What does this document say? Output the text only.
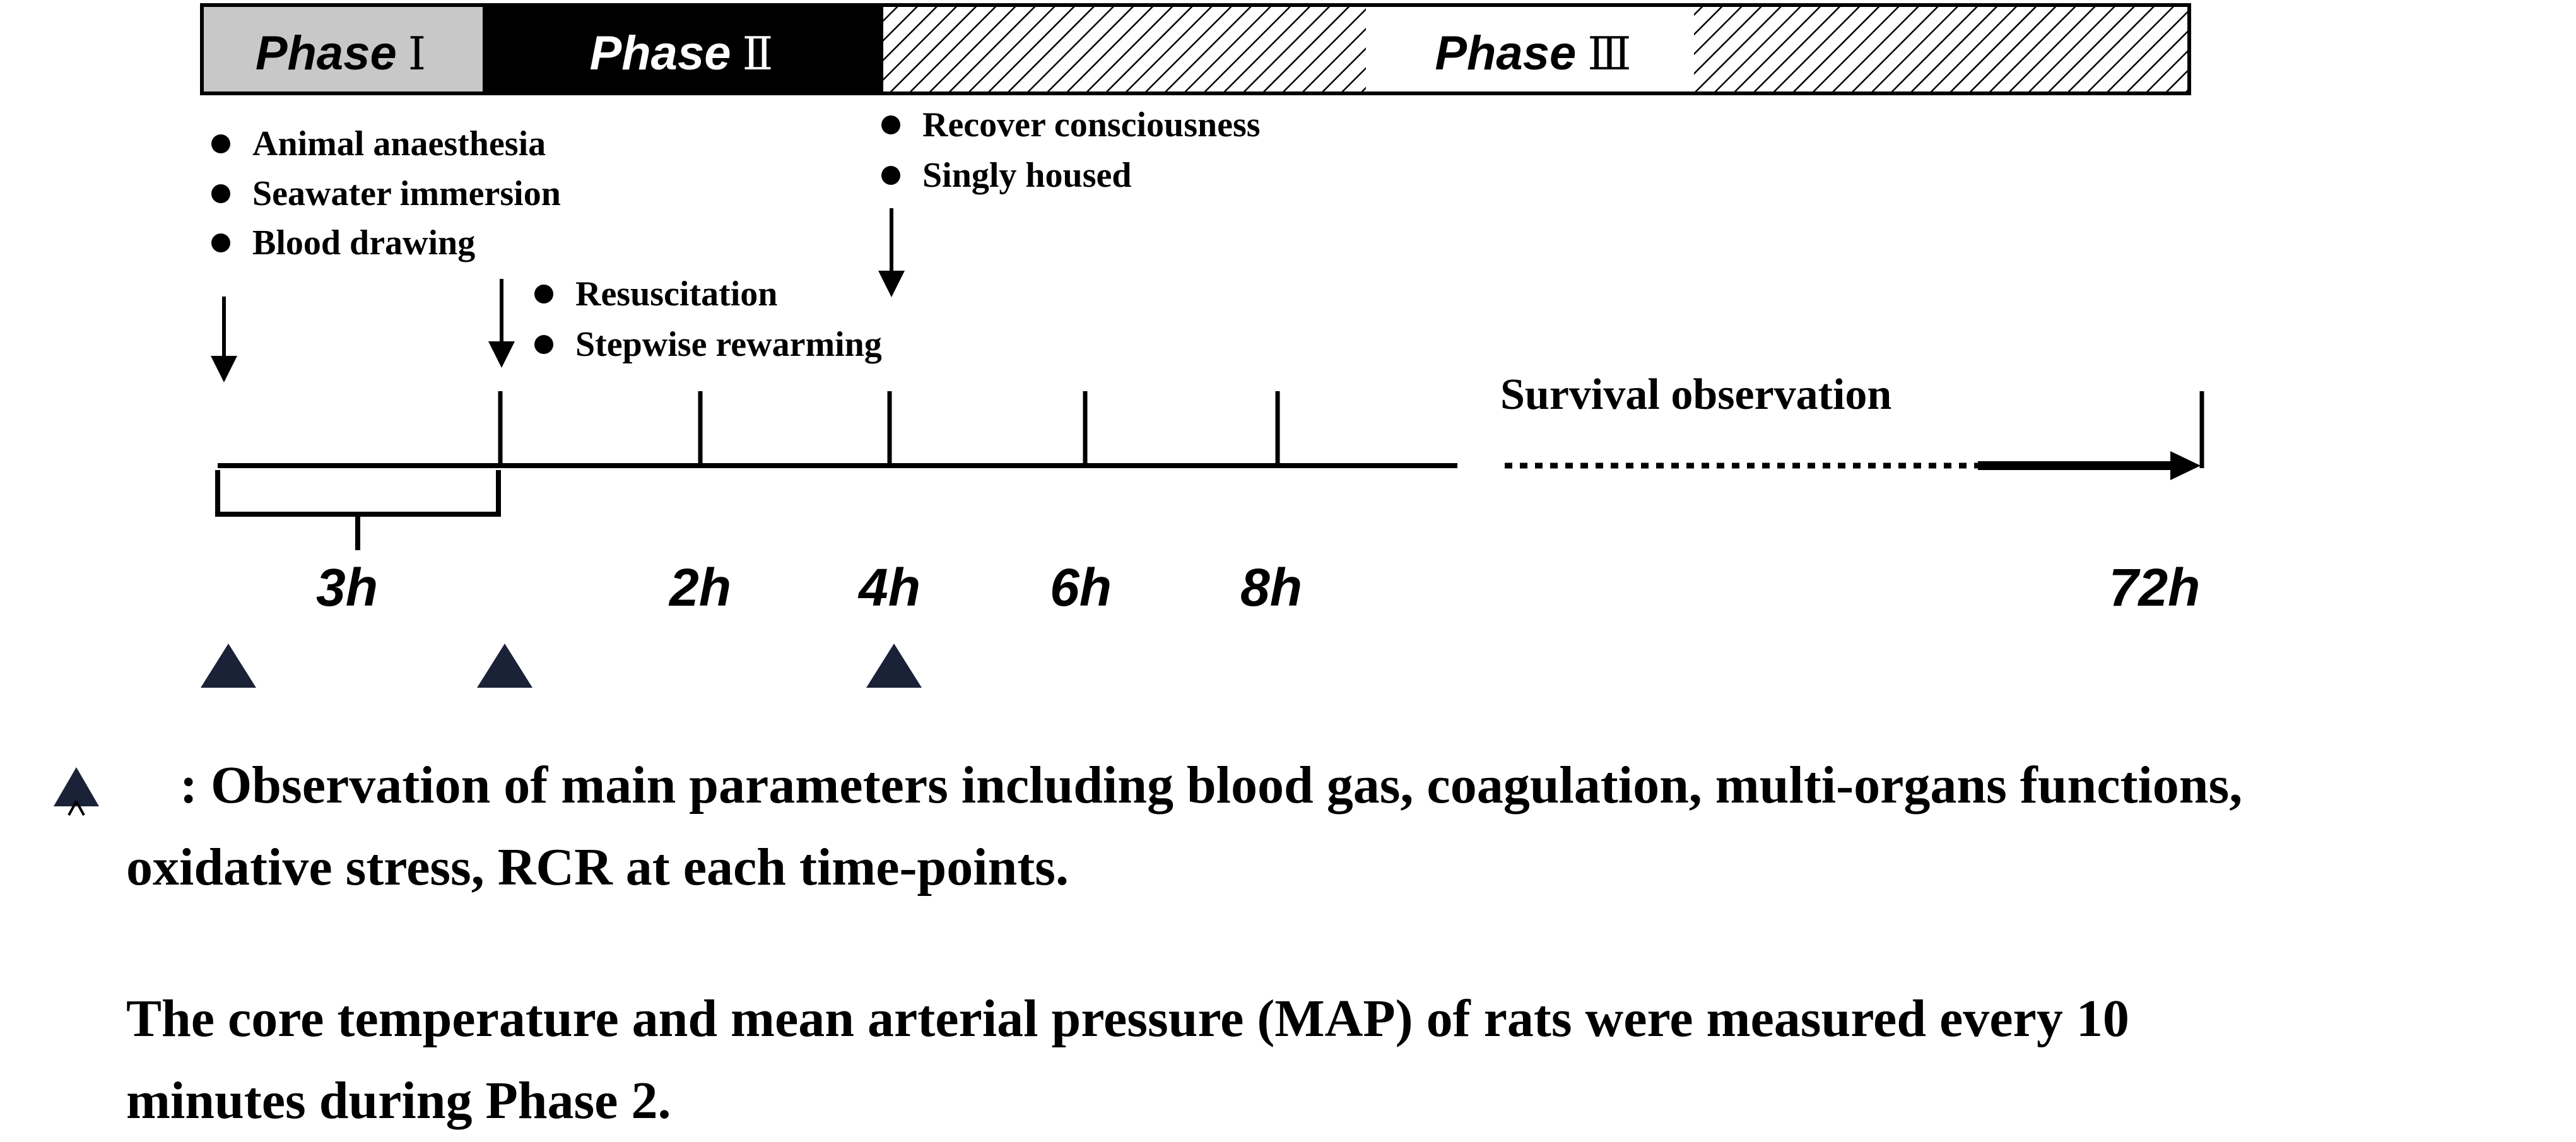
Phase Ⅰ	Phase Ⅱ	Phase Ⅲ
Animal anaesthesia
Seawater immersion
Blood drawing
Recover consciousness
Singly housed
Resuscitation
Stepwise rewarming
Survival observation
3h	2h 4h 6h 8h	72h

: Observation of main parameters including blood gas, coagulation, multi-organs functions,

oxidative stress, RCR at each time-points.

The core temperature and mean arterial pressure (MAP) of rats were measured every 10

minutes during Phase 2.
